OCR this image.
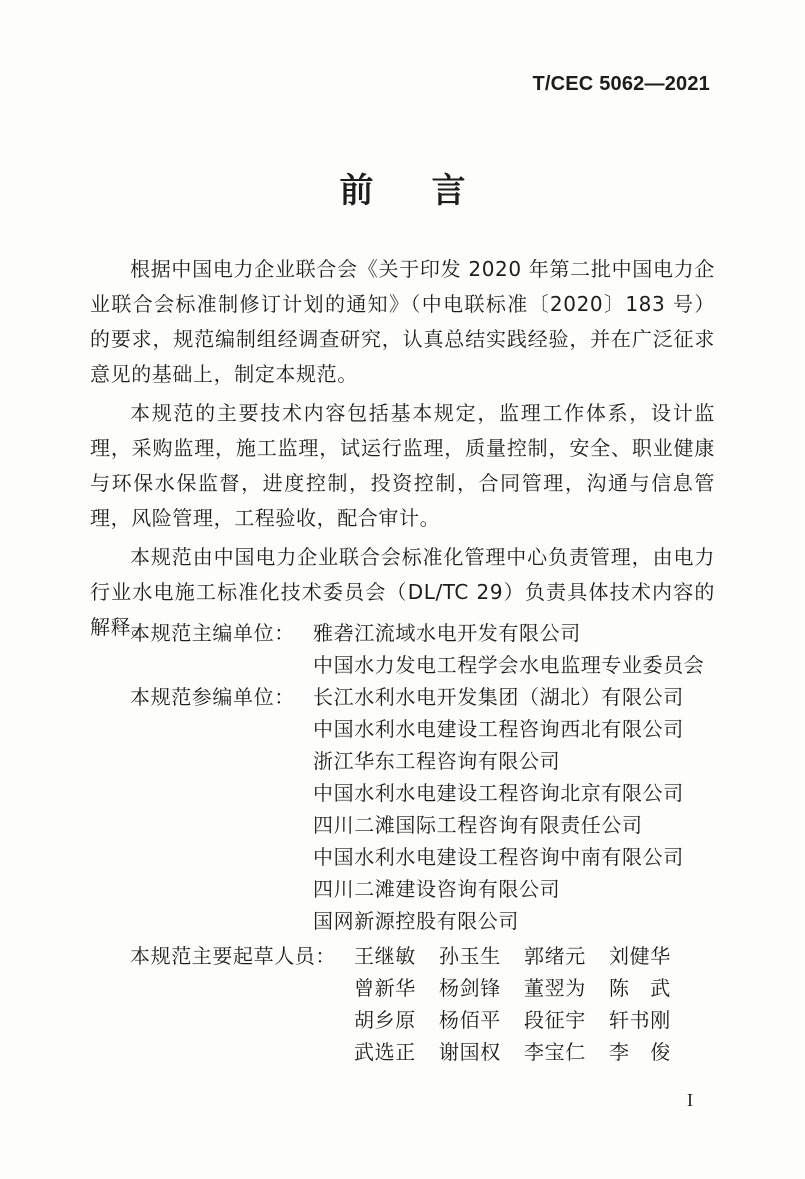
T/CEC 5062—2021
前言

根据中国电力企业联合会《关于印发 2020 年第二批中国电力企业联合会标准制修订计划的通知》（中电联标准〔2020〕183 号）的要求，规范编制组经调查研究，认真总结实践经验，并在广泛征求意见的基础上，制定本规范。

本规范的主要技术内容包括基本规定，监理工作体系，设计监理，采购监理，施工监理，试运行监理，质量控制，安全、职业健康与环保水保监督，进度控制，投资控制，合同管理，沟通与信息管理，风险管理，工程验收，配合审计。

本规范由中国电力企业联合会标准化管理中心负责管理，由电力行业水电施工标准化技术委员会（DL/TC 29）负责具体技术内容的解释。

本规范主编单位： 雅砻江流域水电开发有限公司
中国水力发电工程学会水电监理专业委员会
本规范参编单位： 长江水利水电开发集团（湖北）有限公司
中国水利水电建设工程咨询西北有限公司
浙江华东工程咨询有限公司
中国水利水电建设工程咨询北京有限公司
四川二滩国际工程咨询有限责任公司
中国水利水电建设工程咨询中南有限公司
四川二滩建设咨询有限公司
国网新源控股有限公司
本规范主要起草人员： 王继敏	孙玉生	郭绪元	刘健华
曾新华	杨剑锋	董翌为	陈　武
胡乡原	杨佰平	段征宇	轩书刚
武选正	谢国权	李宝仁	李　俊
I
